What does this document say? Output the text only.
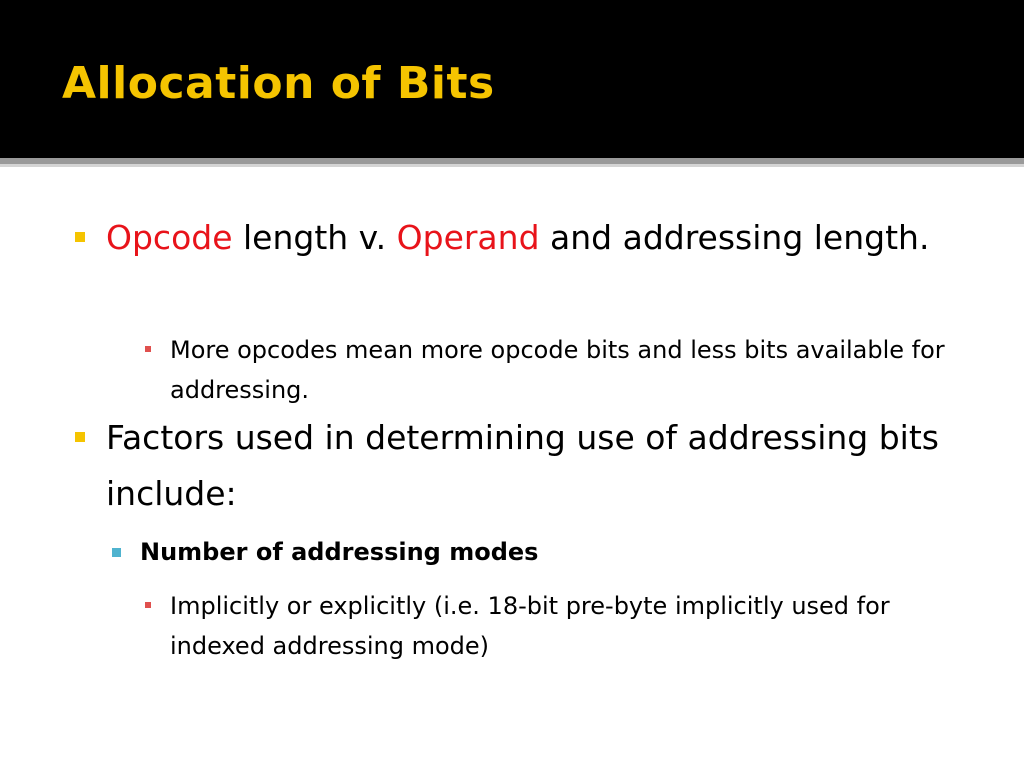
Allocation of Bits
Opcode length v. Operand and addressing length.
More opcodes mean more opcode bits and less bits available for addressing.
Factors used in determining use of addressing bits include:
Number of addressing modes
Implicitly or explicitly (i.e. 18-bit pre-byte implicitly used for indexed addressing mode)
